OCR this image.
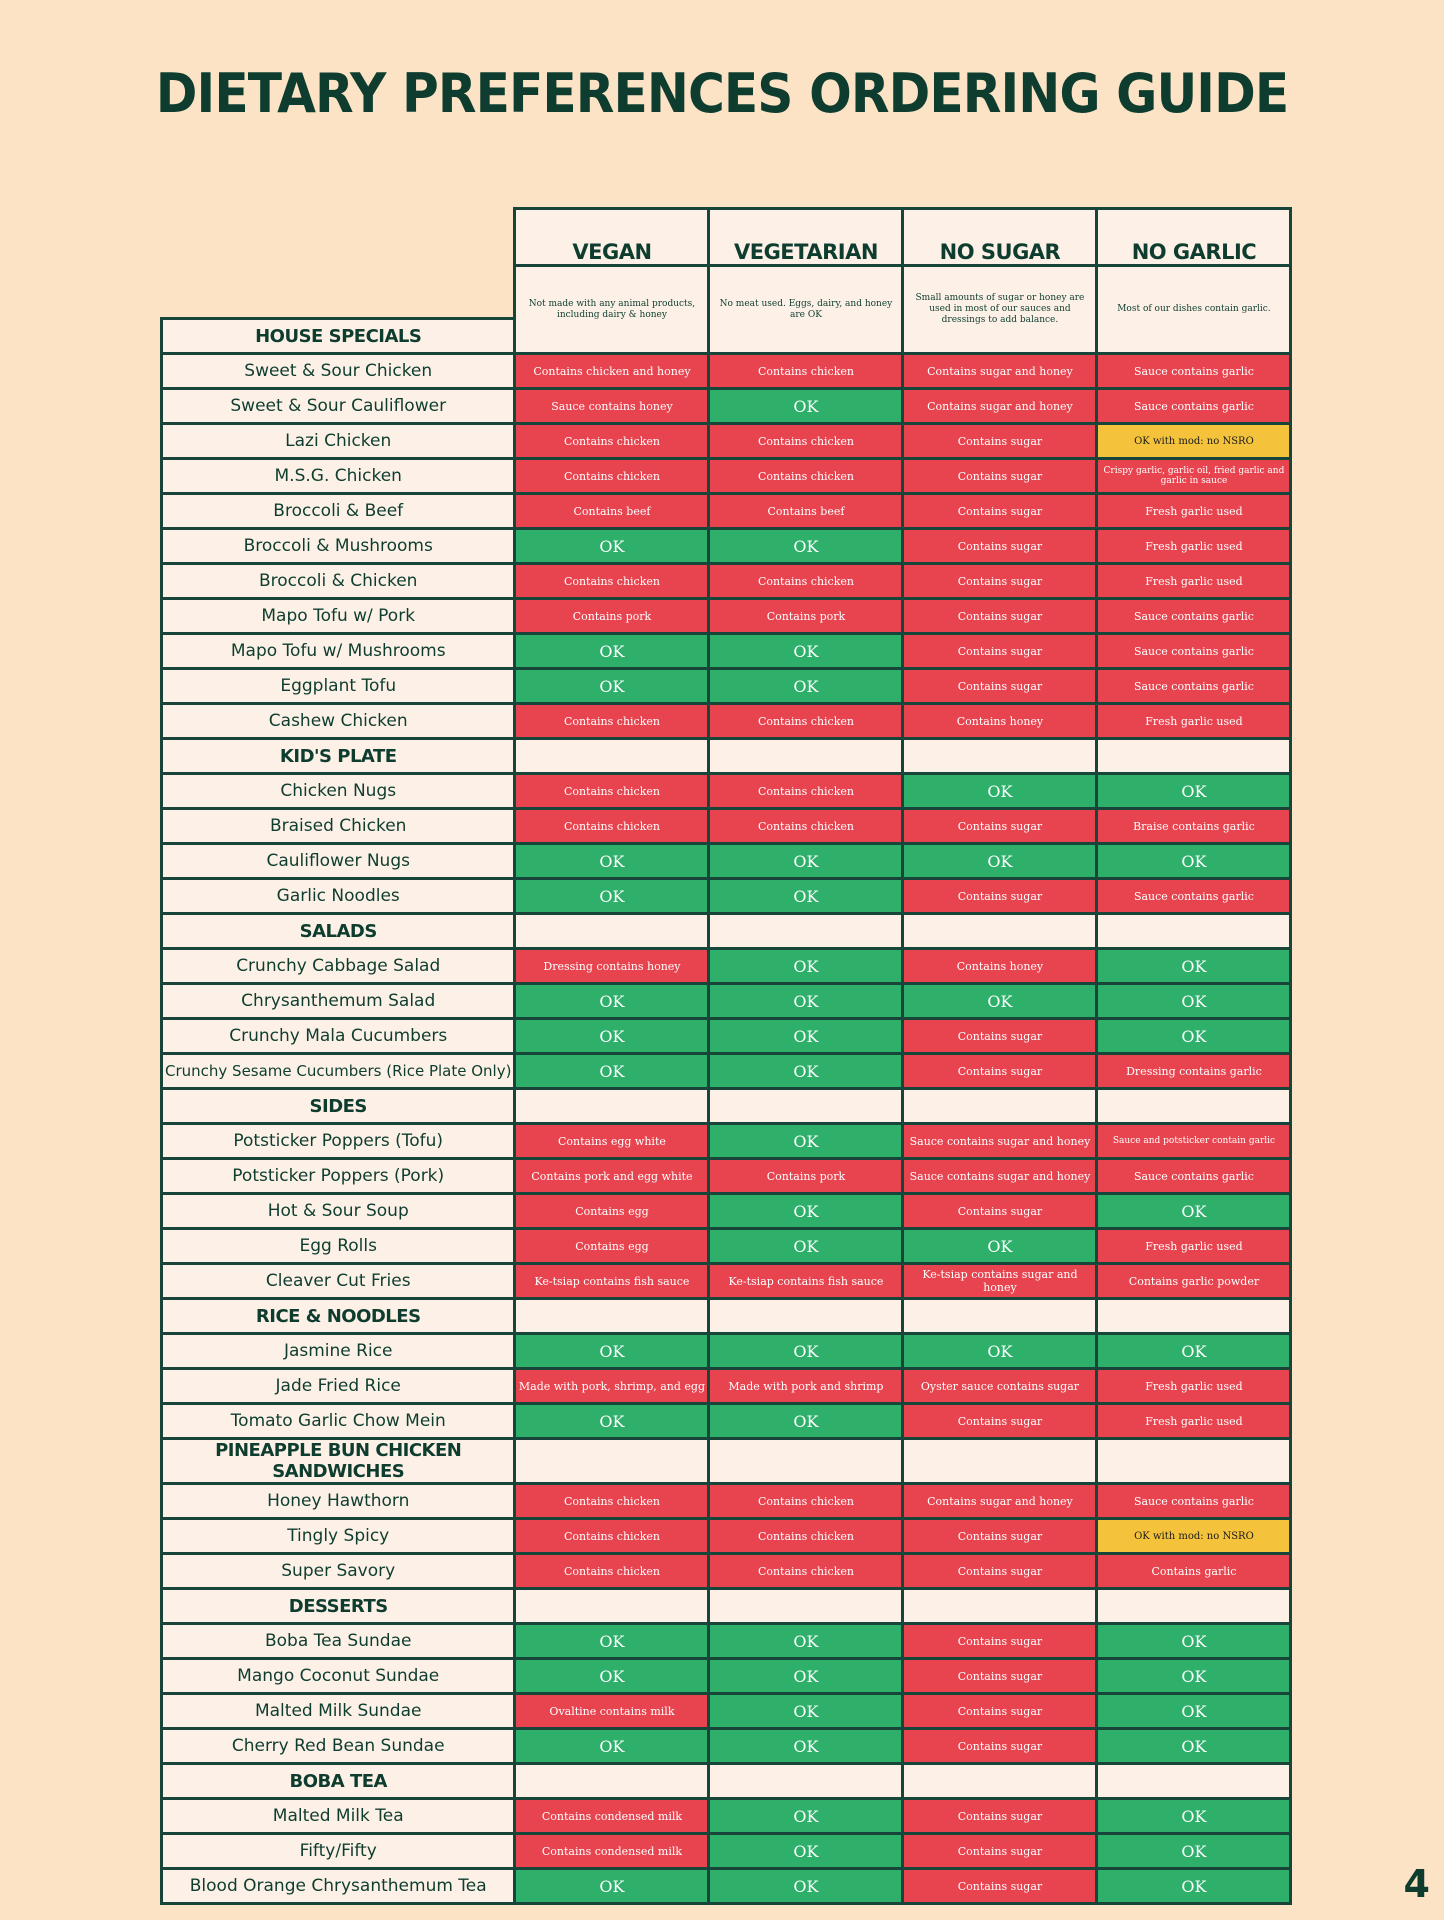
DIETARY PREFERENCES ORDERING GUIDE
	VEGAN	VEGETARIAN	NO SUGAR	NO GARLIC
	Not made with any animal products, including dairy & honey	No meat used. Eggs, dairy, and honey are OK	Small amounts of sugar or honey are used in most of our sauces and dressings to add balance.	Most of our dishes contain garlic.
HOUSE SPECIALS				
Sweet & Sour Chicken	Contains chicken and honey	Contains chicken	Contains sugar and honey	Sauce contains garlic
Sweet & Sour Cauliflower	Sauce contains honey	OK	Contains sugar and honey	Sauce contains garlic
Lazi Chicken	Contains chicken	Contains chicken	Contains sugar	OK with mod: no NSRO
M.S.G. Chicken	Contains chicken	Contains chicken	Contains sugar	Crispy garlic, garlic oil, fried garlic and garlic in sauce
Broccoli & Beef	Contains beef	Contains beef	Contains sugar	Fresh garlic used
Broccoli & Mushrooms	OK	OK	Contains sugar	Fresh garlic used
Broccoli & Chicken	Contains chicken	Contains chicken	Contains sugar	Fresh garlic used
Mapo Tofu w/ Pork	Contains pork	Contains pork	Contains sugar	Sauce contains garlic
Mapo Tofu w/ Mushrooms	OK	OK	Contains sugar	Sauce contains garlic
Eggplant Tofu	OK	OK	Contains sugar	Sauce contains garlic
Cashew Chicken	Contains chicken	Contains chicken	Contains honey	Fresh garlic used
KID'S PLATE				
Chicken Nugs	Contains chicken	Contains chicken	OK	OK
Braised Chicken	Contains chicken	Contains chicken	Contains sugar	Braise contains garlic
Cauliflower Nugs	OK	OK	OK	OK
Garlic Noodles	OK	OK	Contains sugar	Sauce contains garlic
SALADS				
Crunchy Cabbage Salad	Dressing contains honey	OK	Contains honey	OK
Chrysanthemum Salad	OK	OK	OK	OK
Crunchy Mala Cucumbers	OK	OK	Contains sugar	OK
Crunchy Sesame Cucumbers (Rice Plate Only)	OK	OK	Contains sugar	Dressing contains garlic
SIDES				
Potsticker Poppers (Tofu)	Contains egg white	OK	Sauce contains sugar and honey	Sauce and potsticker contain garlic
Potsticker Poppers (Pork)	Contains pork and egg white	Contains pork	Sauce contains sugar and honey	Sauce contains garlic
Hot & Sour Soup	Contains egg	OK	Contains sugar	OK
Egg Rolls	Contains egg	OK	OK	Fresh garlic used
Cleaver Cut Fries	Ke-tsiap contains fish sauce	Ke-tsiap contains fish sauce	Ke-tsiap contains sugar and honey	Contains garlic powder
RICE & NOODLES				
Jasmine Rice	OK	OK	OK	OK
Jade Fried Rice	Made with pork, shrimp, and egg	Made with pork and shrimp	Oyster sauce contains sugar	Fresh garlic used
Tomato Garlic Chow Mein	OK	OK	Contains sugar	Fresh garlic used
PINEAPPLE BUN CHICKEN SANDWICHES				
Honey Hawthorn	Contains chicken	Contains chicken	Contains sugar and honey	Sauce contains garlic
Tingly Spicy	Contains chicken	Contains chicken	Contains sugar	OK with mod: no NSRO
Super Savory	Contains chicken	Contains chicken	Contains sugar	Contains garlic
DESSERTS				
Boba Tea Sundae	OK	OK	Contains sugar	OK
Mango Coconut Sundae	OK	OK	Contains sugar	OK
Malted Milk Sundae	Ovaltine contains milk	OK	Contains sugar	OK
Cherry Red Bean Sundae	OK	OK	Contains sugar	OK
BOBA TEA				
Malted Milk Tea	Contains condensed milk	OK	Contains sugar	OK
Fifty/Fifty	Contains condensed milk	OK	Contains sugar	OK
Blood Orange Chrysanthemum Tea	OK	OK	Contains sugar	OK	4
